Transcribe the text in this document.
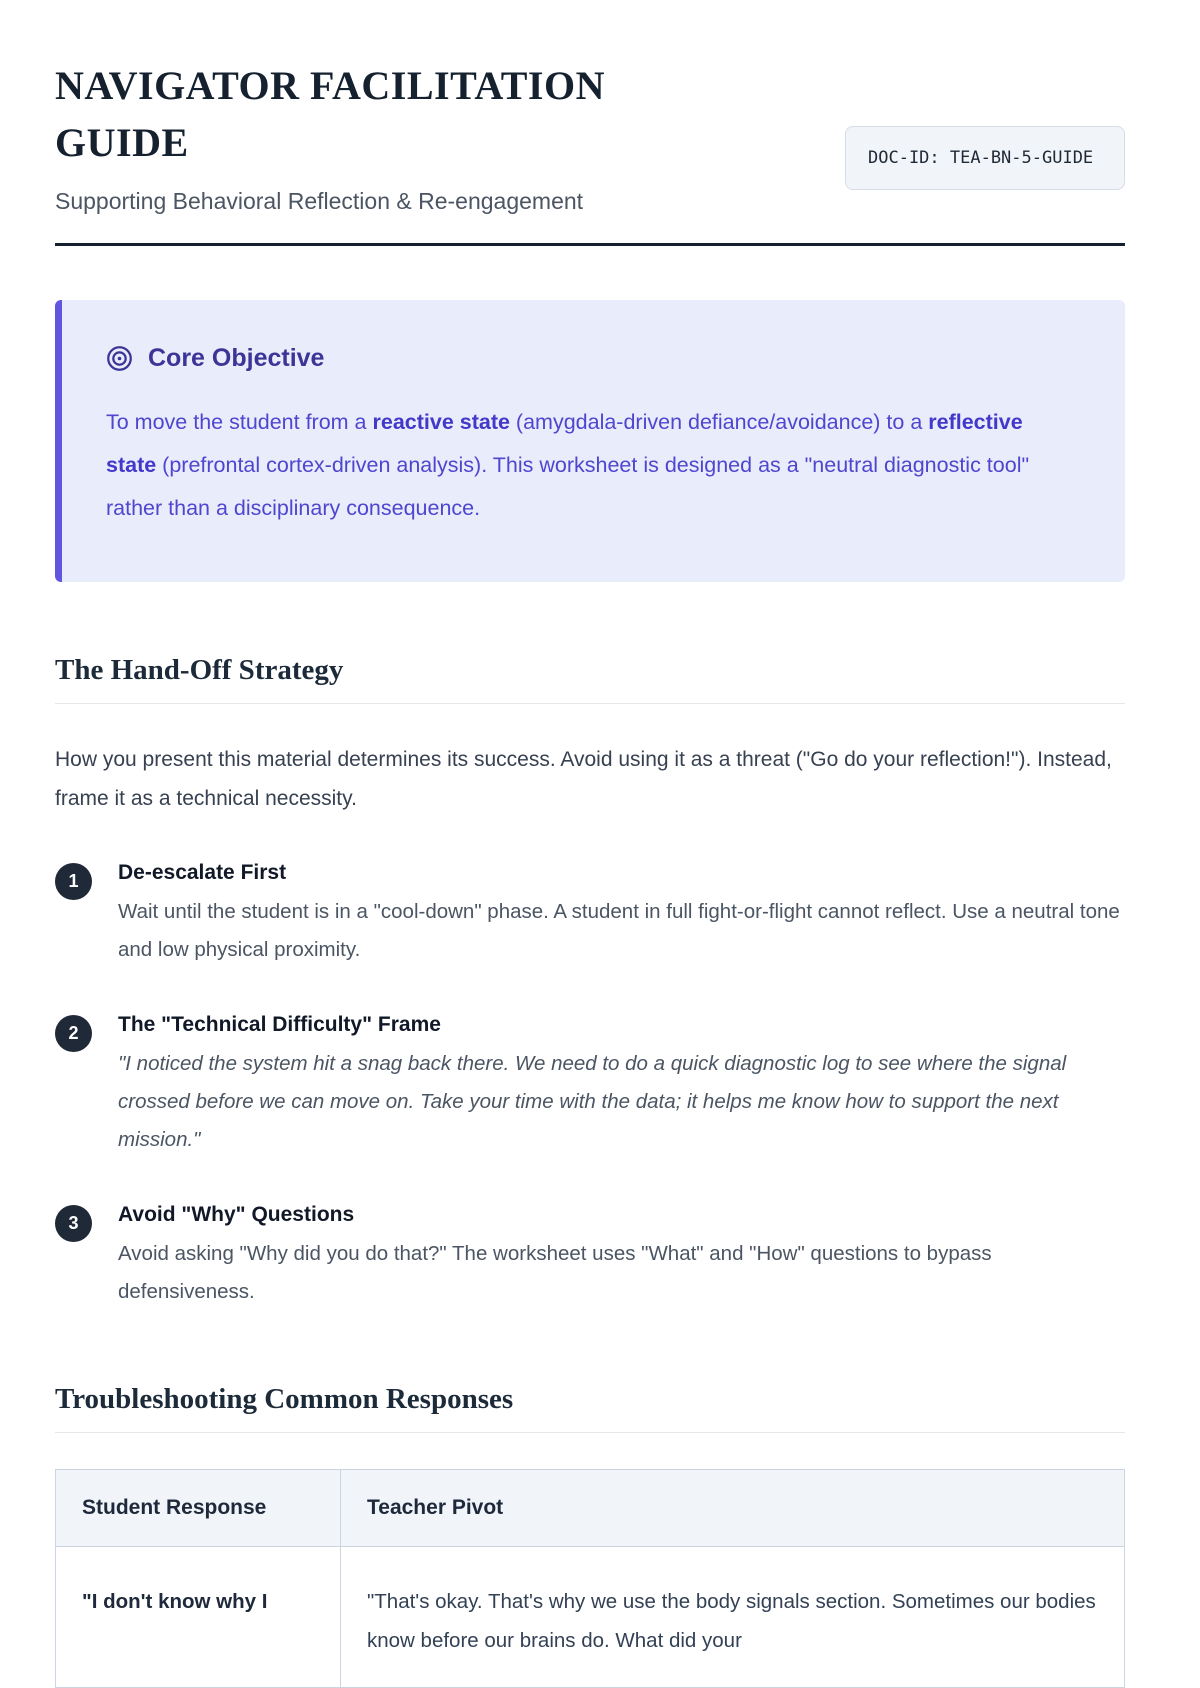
NAVIGATOR FACILITATION
GUIDE

Supporting Behavioral Reflection & Re-engagement

DOC-ID: TEA-BN-5-GUIDE
Core Objective

To move the student from a reactive state (amygdala-driven defiance/avoidance) to a reflective state (prefrontal cortex-driven analysis). This worksheet is designed as a "neutral diagnostic tool" rather than a disciplinary consequence.

The Hand-Off Strategy

How you present this material determines its success. Avoid using it as a threat ("Go do your reflection!"). Instead, frame it as a technical necessity.

1	De-escalate First
Wait until the student is in a "cool-down" phase. A student in full fight-or-flight cannot reflect. Use a neutral tone and low physical proximity.
2	The "Technical Difficulty" Frame
"I noticed the system hit a snag back there. We need to do a quick diagnostic log to see where the signal crossed before we can move on. Take your time with the data; it helps me know how to support the next mission."
3	Avoid "Why" Questions
Avoid asking "Why did you do that?" The worksheet uses "What" and "How" questions to bypass defensiveness.
Troubleshooting Common Responses
Student Response	Teacher Pivot
"I don't know why I	"That's okay. That's why we use the body signals section. Sometimes our bodies know before our brains do. What did your
